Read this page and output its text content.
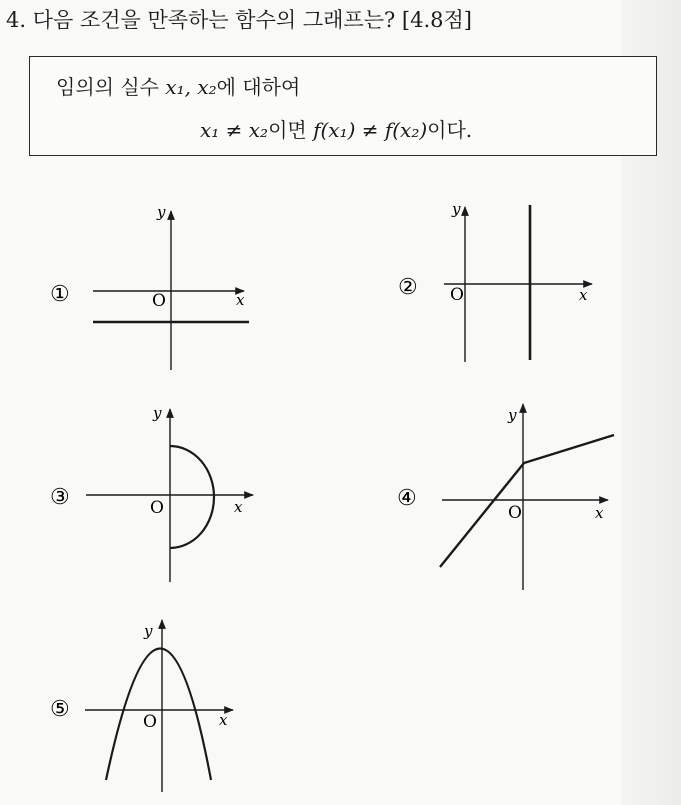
4. 다음 조건을 만족하는 함수의 그래프는? [4.8점]
임의의 실수 x₁, x₂에 대하여
x₁ ≠ x₂이면 f(x₁) ≠ f(x₂)이다.
①
y
x
O
②
y
x
O
③
y
x
O	④
y
x
O
⑤
y
x
O
